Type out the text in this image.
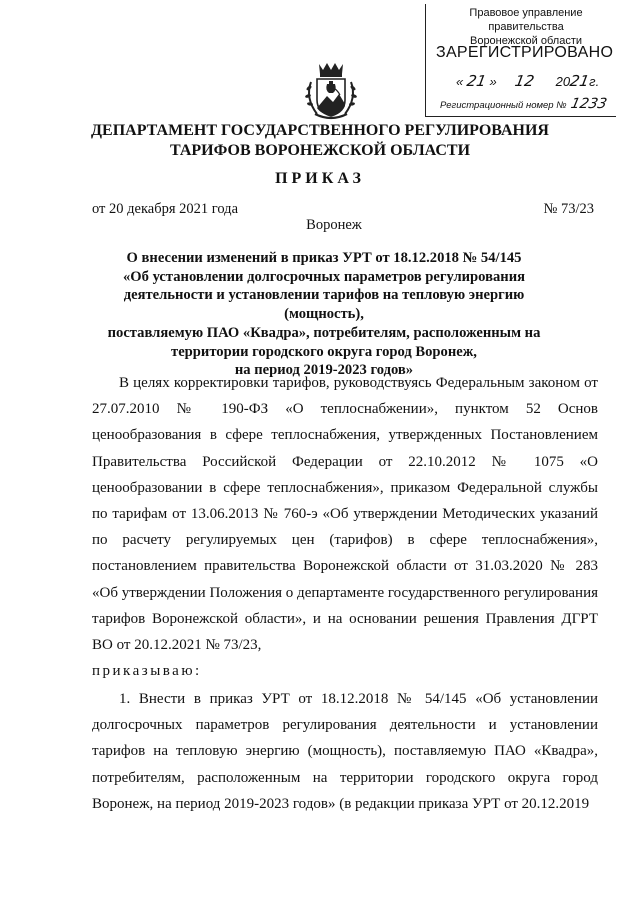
Правовое управление правительства
Воронежской области
ЗАРЕГИСТРИРОВАНО
« 21 »     12 2021г.
Регистрационный номер № 1233
ДЕПАРТАМЕНТ ГОСУДАРСТВЕННОГО РЕГУЛИРОВАНИЯ
ТАРИФОВ ВОРОНЕЖСКОЙ ОБЛАСТИ
ПРИКАЗ
от 20 декабря 2021 года	№ 73/23
Воронеж
О внесении изменений в приказ УРТ от 18.12.2018 № 54/145
«Об установлении долгосрочных параметров регулирования
деятельности и установлении тарифов на тепловую энергию (мощность),
поставляемую ПАО «Квадра», потребителям, расположенным на
территории городского округа город Воронеж,
на период 2019-2023 годов»
В целях корректировки тарифов, руководствуясь Федеральным законом от 27.07.2010 № 190-ФЗ «О теплоснабжении», пунктом 52 Основ ценообразования в сфере теплоснабжения, утвержденных Постановлением Правительства Российской Федерации от 22.10.2012 № 1075 «О ценообразовании в сфере теплоснабжения», приказом Федеральной службы по тарифам от 13.06.2013 № 760-э «Об утверждении Методических указаний по расчету регулируемых цен (тарифов) в сфере теплоснабжения», постановлением правительства Воронежской области от 31.03.2020 № 283 «Об утверждении Положения о департаменте государственного регулирования тарифов Воронежской области», и на основании решения Правления ДГРТ ВО от 20.12.2021 № 73/23,
приказываю:
1. Внести в приказ УРТ от 18.12.2018 № 54/145 «Об установлении долгосрочных параметров регулирования деятельности и установлении тарифов на тепловую энергию (мощность), поставляемую ПАО «Квадра», потребителям, расположенным на территории городского округа город Воронеж, на период 2019-2023 годов» (в редакции приказа УРТ от 20.12.2019
